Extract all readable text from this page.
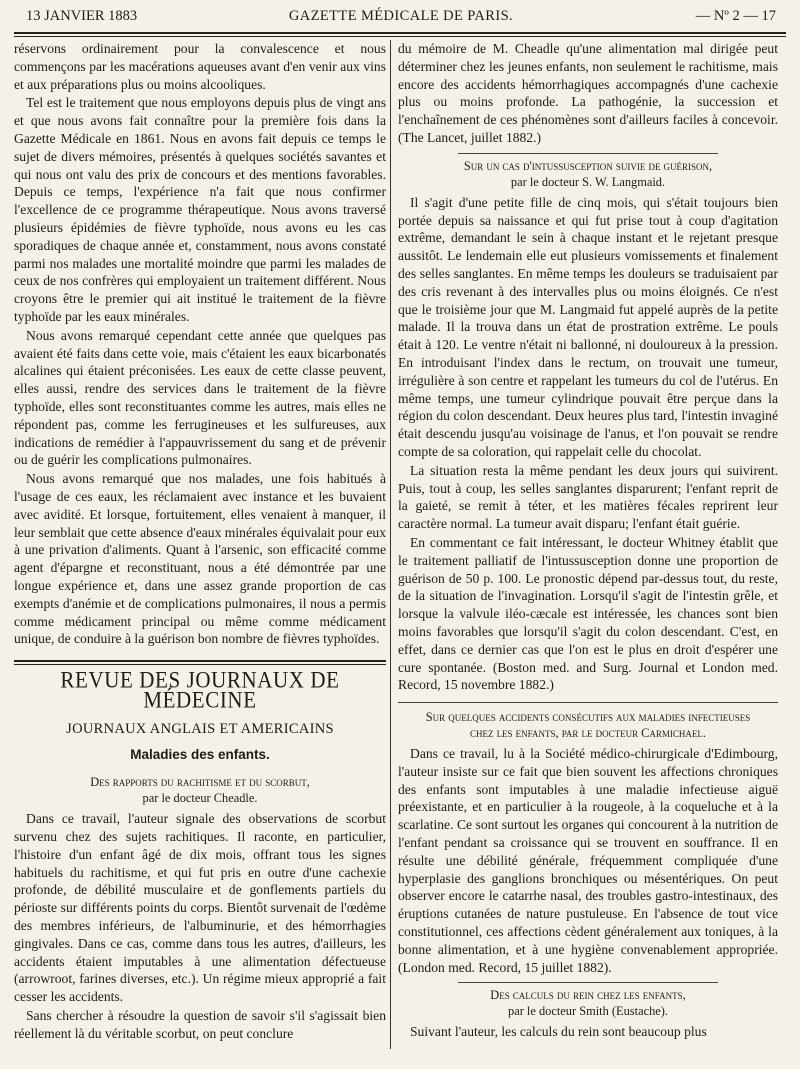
13 JANVIER 1883	GAZETTE MÉDICALE DE PARIS.	— Nº 2 — 17

réservons ordinairement pour la convalescence et nous commençons par les macérations aqueuses avant d'en venir aux vins et aux préparations plus ou moins alcooliques.

Tel est le traitement que nous employons depuis plus de vingt ans et que nous avons fait connaître pour la première fois dans la Gazette Médicale en 1861. Nous en avons fait depuis ce temps le sujet de divers mémoires, présentés à quelques sociétés savantes et qui nous ont valu des prix de concours et des mentions favorables. Depuis ce temps, l'expérience n'a fait que nous confirmer l'excellence de ce programme thérapeutique. Nous avons traversé plusieurs épidémies de fièvre typhoïde, nous avons eu les cas sporadiques de chaque année et, constamment, nous avons constaté parmi nos malades une mortalité moindre que parmi les malades de ceux de nos confrères qui employaient un traitement différent. Nous croyons être le premier qui ait institué le traitement de la fièvre typhoïde par les eaux minérales.

Nous avons remarqué cependant cette année que quelques pas avaient été faits dans cette voie, mais c'étaient les eaux bicarbonatés alcalines qui étaient préconisées. Les eaux de cette classe peuvent, elles aussi, rendre des services dans le traitement de la fièvre typhoïde, elles sont reconstituantes comme les autres, mais elles ne répondent pas, comme les ferrugineuses et les sulfureuses, aux indications de remédier à l'appauvrissement du sang et de prévenir ou de guérir les complications pulmonaires.

Nous avons remarqué que nos malades, une fois habitués à l'usage de ces eaux, les réclamaient avec instance et les buvaient avec avidité. Et lorsque, fortuitement, elles venaient à manquer, il leur semblait que cette absence d'eaux minérales équivalait pour eux à une privation d'aliments. Quant à l'arsenic, son efficacité comme agent d'épargne et reconstituant, nous a été démontrée par une longue expérience et, dans une assez grande proportion de cas exempts d'anémie et de complications pulmonaires, il nous a permis comme médicament principal ou même comme médicament unique, de conduire à la guérison bon nombre de fièvres typhoïdes.

REVUE DES JOURNAUX DE MÉDECINE
JOURNAUX ANGLAIS ET AMERICAINS
Maladies des enfants.
Des rapports du rachitisme et du scorbut,
par le docteur Cheadle.

Dans ce travail, l'auteur signale des observations de scorbut survenu chez des sujets rachitiques. Il raconte, en particulier, l'histoire d'un enfant âgé de dix mois, offrant tous les signes habituels du rachitisme, et qui fut pris en outre d'une cachexie profonde, de débilité musculaire et de gonflements partiels du périoste sur différents points du corps. Bientôt survenait de l'œdème des membres inférieurs, de l'albuminurie, et des hémorrhagies gingivales. Dans ce cas, comme dans tous les autres, d'ailleurs, les accidents étaient imputables à une alimentation défectueuse (arrowroot, farines diverses, etc.). Un régime mieux approprié a fait cesser les accidents.

Sans chercher à résoudre la question de savoir s'il s'agissait bien réellement là du véritable scorbut, on peut conclure

du mémoire de M. Cheadle qu'une alimentation mal dirigée peut déterminer chez les jeunes enfants, non seulement le rachitisme, mais encore des accidents hémorrhagiques accompagnés d'une cachexie plus ou moins profonde. La pathogénie, la succession et l'enchaînement de ces phénomènes sont d'ailleurs faciles à concevoir. (The Lancet, juillet 1882.)

Sur un cas d'intussusception suivie de guérison,
par le docteur S. W. Langmaid.

Il s'agit d'une petite fille de cinq mois, qui s'était toujours bien portée depuis sa naissance et qui fut prise tout à coup d'agitation extrême, demandant le sein à chaque instant et le rejetant presque aussitôt. Le lendemain elle eut plusieurs vomissements et finalement des selles sanglantes. En même temps les douleurs se traduisaient par des cris revenant à des intervalles plus ou moins éloignés. Ce n'est que le troisième jour que M. Langmaid fut appelé auprès de la petite malade. Il la trouva dans un état de prostration extrême. Le pouls était à 120. Le ventre n'était ni ballonné, ni douloureux à la pression. En introduisant l'index dans le rectum, on trouvait une tumeur, irrégulière à son centre et rappelant les tumeurs du col de l'utérus. En même temps, une tumeur cylindrique pouvait être perçue dans la région du colon descendant. Deux heures plus tard, l'intestin invaginé était descendu jusqu'au voisinage de l'anus, et l'on pouvait se rendre compte de sa coloration, qui rappelait celle du chocolat.

La situation resta la même pendant les deux jours qui suivirent. Puis, tout à coup, les selles sanglantes disparurent; l'enfant reprit de la gaieté, se remit à téter, et les matières fécales reprirent leur caractère normal. La tumeur avait disparu; l'enfant était guérie.

En commentant ce fait intéressant, le docteur Whitney établit que le traitement palliatif de l'intussusception donne une proportion de guérison de 50 p. 100. Le pronostic dépend par-dessus tout, du reste, de la situation de l'invagination. Lorsqu'il s'agit de l'intestin grêle, et lorsque la valvule iléo-cæcale est intéressée, les chances sont bien moins favorables que lorsqu'il s'agit du colon descendant. C'est, en effet, dans ce dernier cas que l'on est le plus en droit d'espérer une cure spontanée. (Boston med. and Surg. Journal et London med. Record, 15 novembre 1882.)

Sur quelques accidents consécutifs aux maladies infectieuses
chez les enfants, par le docteur Carmichael.

Dans ce travail, lu à la Société médico-chirurgicale d'Edimbourg, l'auteur insiste sur ce fait que bien souvent les affections chroniques des enfants sont imputables à une maladie infectieuse aiguë préexistante, et en particulier à la rougeole, à la coqueluche et à la scarlatine. Ce sont surtout les organes qui concourent à la nutrition de l'enfant pendant sa croissance qui se trouvent en souffrance. Il en résulte une débilité générale, fréquemment compliquée d'une hyperplasie des ganglions bronchiques ou mésentériques. On peut observer encore le catarrhe nasal, des troubles gastro-intestinaux, des éruptions cutanées de nature pustuleuse. En l'absence de tout vice constitutionnel, ces affections cèdent généralement aux toniques, à la bonne alimentation, et à une hygiène convenablement appropriée. (London med. Record, 15 juillet 1882).

Des calculs du rein chez les enfants,
par le docteur Smith (Eustache).

Suivant l'auteur, les calculs du rein sont beaucoup plus
